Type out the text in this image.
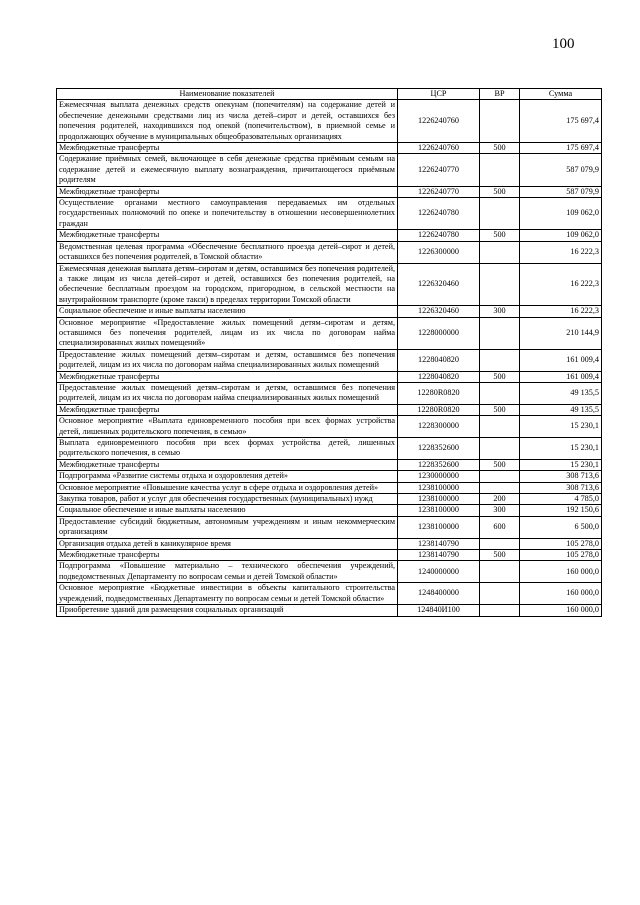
100
Наименование показателей	ЦСР	ВР	Сумма
Ежемесячная выплата денежных средств опекунам (попечителям) на содержание детей и обеспечение денежными средствами лиц из числа детей–сирот и детей, оставшихся без попечения родителей, находившихся под опекой (попечительством), в приемной семье и продолжающих обучение в муниципальных общеобразовательных организациях	1226240760		175 697,4
Межбюджетные трансферты	1226240760	500	175 697,4
Содержание приёмных семей, включающее в себя денежные средства приёмным семьям на содержание детей и ежемесячную выплату вознаграждения, причитающегося приёмным родителям	1226240770		587 079,9
Межбюджетные трансферты	1226240770	500	587 079,9
Осуществление органами местного самоуправления передаваемых им отдельных государственных полномочий по опеке и попечительству в отношении несовершеннолетних граждан	1226240780		109 062,0
Межбюджетные трансферты	1226240780	500	109 062,0
Ведомственная целевая программа «Обеспечение бесплатного проезда детей–сирот и детей, оставшихся без попечения родителей, в Томской области»	1226300000		16 222,3
Ежемесячная денежная выплата детям–сиротам и детям, оставшимся без попечения родителей, а также лицам из числа детей–сирот и детей, оставшихся без попечения родителей, на обеспечение бесплатным проездом на городском, пригородном, в сельской местности на внутрирайонном транспорте (кроме такси) в пределах территории Томской области	1226320460		16 222,3
Социальное обеспечение и иные выплаты населению	1226320460	300	16 222,3
Основное мероприятие «Предоставление жилых помещений детям–сиротам и детям, оставшимся без попечения родителей, лицам из их числа по договорам найма специализированных жилых помещений»	1228000000		210 144,9
Предоставление жилых помещений детям–сиротам и детям, оставшимся без попечения родителей, лицам из их числа по договорам найма специализированных жилых помещений	1228040820		161 009,4
Межбюджетные трансферты	1228040820	500	161 009,4
Предоставление жилых помещений детям–сиротам и детям, оставшимся без попечения родителей, лицам из их числа по договорам найма специализированных жилых помещений	12280R0820		49 135,5
Межбюджетные трансферты	12280R0820	500	49 135,5
Основное мероприятие «Выплата единовременного пособия при всех формах устройства детей, лишенных родительского попечения, в семью»	1228300000		15 230,1
Выплата единовременного пособия при всех формах устройства детей, лишенных родительского попечения, в семью	1228352600		15 230,1
Межбюджетные трансферты	1228352600	500	15 230,1
Подпрограмма «Развитие системы отдыха и оздоровления детей»	1230000000		308 713,6
Основное мероприятие «Повышение качества услуг в сфере отдыха и оздоровления детей»	1238100000		308 713,6
Закупка товаров, работ и услуг для обеспечения государственных (муниципальных) нужд	1238100000	200	4 785,0
Социальное обеспечение и иные выплаты населению	1238100000	300	192 150,6
Предоставление субсидий бюджетным, автономным учреждениям и иным некоммерческим организациям	1238100000	600	6 500,0
Организация отдыха детей в каникулярное время	1238140790		105 278,0
Межбюджетные трансферты	1238140790	500	105 278,0
Подпрограмма «Повышение материально – технического обеспечения учреждений, подведомственных Департаменту по вопросам семьи и детей Томской области»	1240000000		160 000,0
Основное мероприятие «Бюджетные инвестиции в объекты капитального строительства учреждений, подведомственных Департаменту по вопросам семьи и детей Томской области»	1248400000		160 000,0
Приобретение зданий для размещения социальных организаций	124840И100		160 000,0
